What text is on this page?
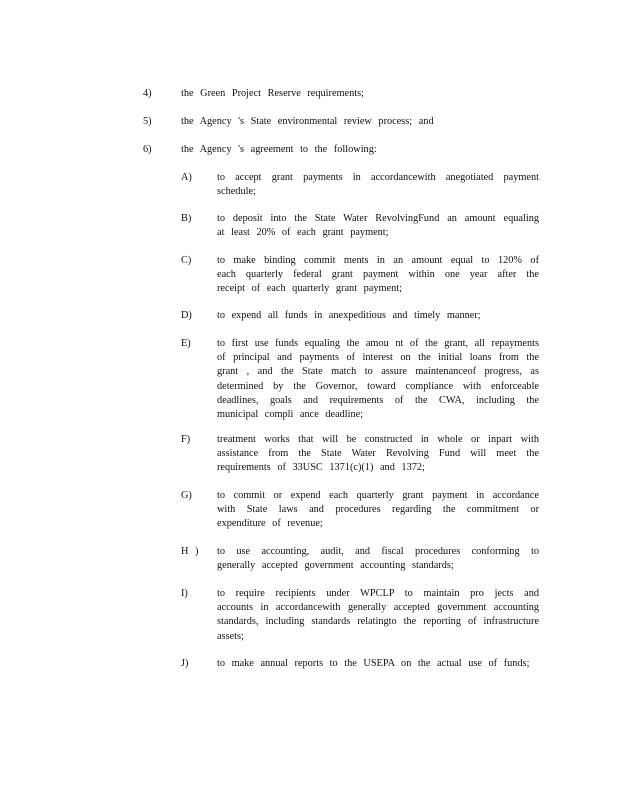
4)	the Green Project Reserve requirements;
5)	the Agency 's State environmental review process; and
6)	the Agency 's agreement to the following:
A) to accept grant payments in accordancewith anegotiated payment schedule;
B) to deposit into the State Water RevolvingFund an amount equaling at least 20% of each grant payment;
C) to make binding commit ments in an amount equal to 120% of each quarterly federal grant payment within one year after the receipt of each quarterly grant payment;
D) to expend all funds in anexpeditious and timely manner;
E)	to first use funds equaling the amou nt of the grant, all repayments of principal and payments of interest on the initial loans from the grant , and the State match to assure maintenanceof progress, as determined by the Governor, toward compliance with enforceable deadlines, goals and requirements of the CWA, including the municipal compli ance deadline;
F)	treatment works that will be constructed in whole or inpart with assistance from the State Water Revolving Fund will meet the requirements of 33USC 1371(c)(1) and 1372;
G) to commit or expend each quarterly grant payment in accordance with State laws and procedures regarding the commitment or expenditure of revenue;
H ) to use accounting, audit, and fiscal procedures conforming to generally accepted government accounting standards;
I)	to require recipients under WPCLP to maintain pro jects and accounts in accordancewith generally accepted government accounting standards, including standards relatingto the reporting of infrastructure assets;
J)	to make annual reports to the USEPA on the actual use of funds;
